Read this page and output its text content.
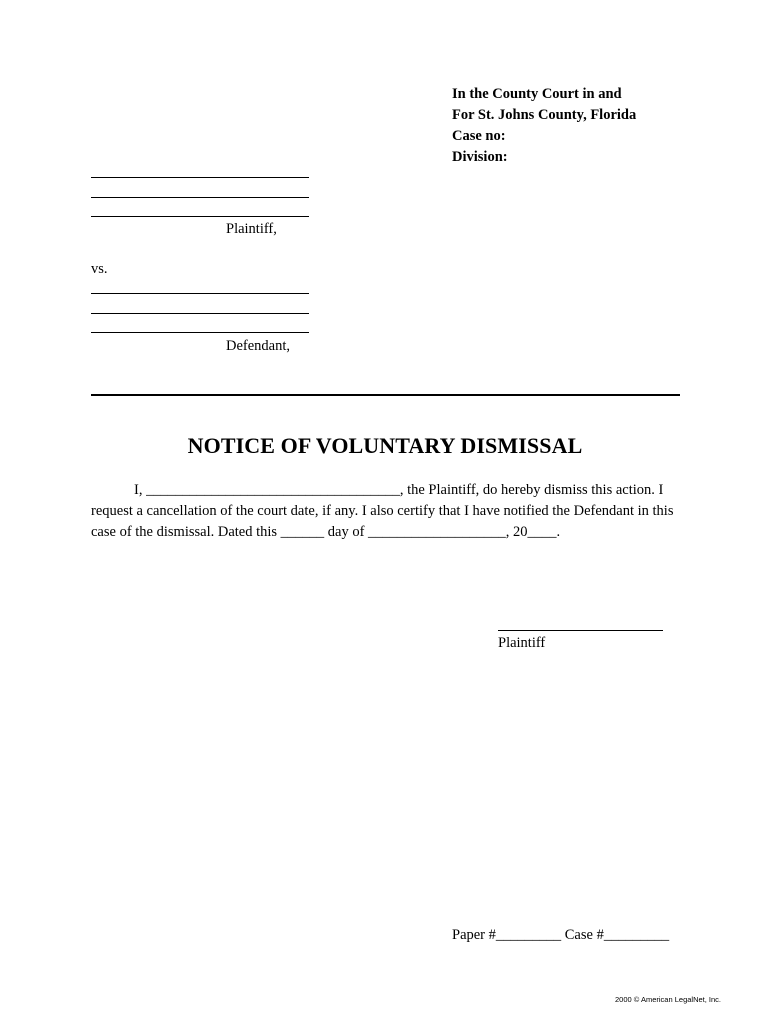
In the County Court in and
For St. Johns County, Florida
Case no:
Division:
Plaintiff,
vs.
Defendant,
NOTICE OF VOLUNTARY DISMISSAL
I, ___________________________________, the Plaintiff, do hereby dismiss this action. I
request a cancellation of the court date, if any. I also certify that I have notified the Defendant in this
case of the dismissal. Dated this ______ day of ___________________, 20____.
Plaintiff
Paper #_________ Case #_________
2000 © American LegalNet, Inc.
